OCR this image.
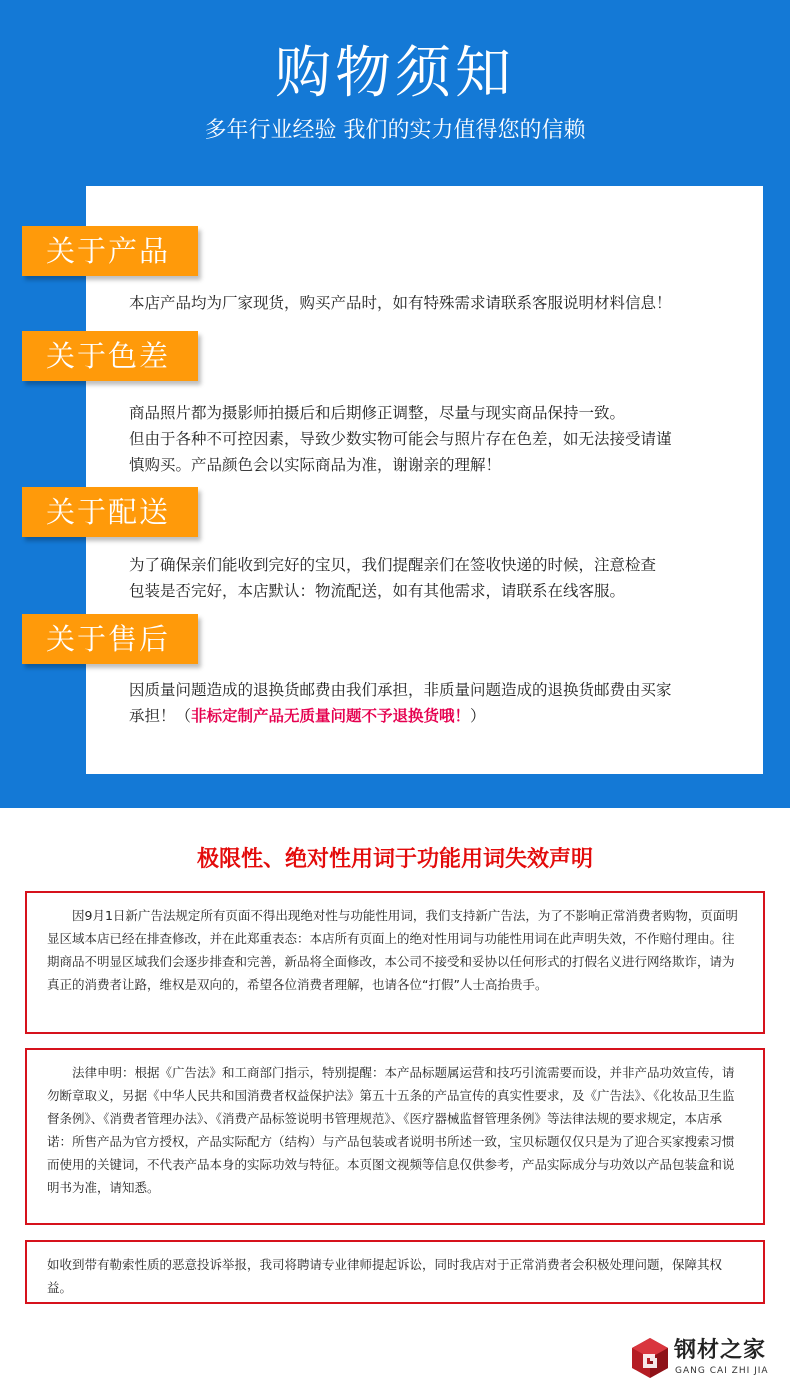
购物须知
多年行业经验 我们的实力值得您的信赖
关于产品
本店产品均为厂家现货，购买产品时，如有特殊需求请联系客服说明材料信息！
关于色差
商品照片都为摄影师拍摄后和后期修正调整，尽量与现实商品保持一致。
但由于各种不可控因素，导致少数实物可能会与照片存在色差，如无法接受请谨
慎购买。产品颜色会以实际商品为准，谢谢亲的理解！
关于配送
为了确保亲们能收到完好的宝贝，我们提醒亲们在签收快递的时候，注意检查
包装是否完好，本店默认：物流配送，如有其他需求，请联系在线客服。
关于售后
因质量问题造成的退换货邮费由我们承担，非质量问题造成的退换货邮费由买家
承担！（非标定制产品无质量问题不予退换货哦！）
极限性、绝对性用词于功能用词失效声明

因9月1日新广告法规定所有页面不得出现绝对性与功能性用词，我们支持新广告法，为了不影响正常消费者购物，页面明显区域本店已经在排查修改，并在此郑重表态：本店所有页面上的绝对性用词与功能性用词在此声明失效，不作赔付理由。往期商品不明显区域我们会逐步排查和完善，新品将全面修改，本公司不接受和妥协以任何形式的打假名义进行网络欺诈，请为真正的消费者让路，维权是双向的，希望各位消费者理解，也请各位“打假”人士高抬贵手。

法律申明：根据《广告法》和工商部门指示，特别提醒：本产品标题属运营和技巧引流需要而设，并非产品功效宣传，请勿断章取义，另据《中华人民共和国消费者权益保护法》第五十五条的产品宣传的真实性要求，及《广告法》、《化妆品卫生监督条例》、《消费者管理办法》、《消费产品标签说明书管理规范》、《医疗器械监督管理条例》等法律法规的要求规定，本店承诺：所售产品为官方授权，产品实际配方（结构）与产品包装或者说明书所述一致，宝贝标题仅仅只是为了迎合买家搜索习惯而使用的关键词，不代表产品本身的实际功效与特征。本页图文视频等信息仅供参考，产品实际成分与功效以产品包装盒和说明书为准，请知悉。

如收到带有勒索性质的恶意投诉举报，我司将聘请专业律师提起诉讼，同时我店对于正常消费者会积极处理问题，保障其权益。

钢材之家
GANG CAI ZHI JIA
